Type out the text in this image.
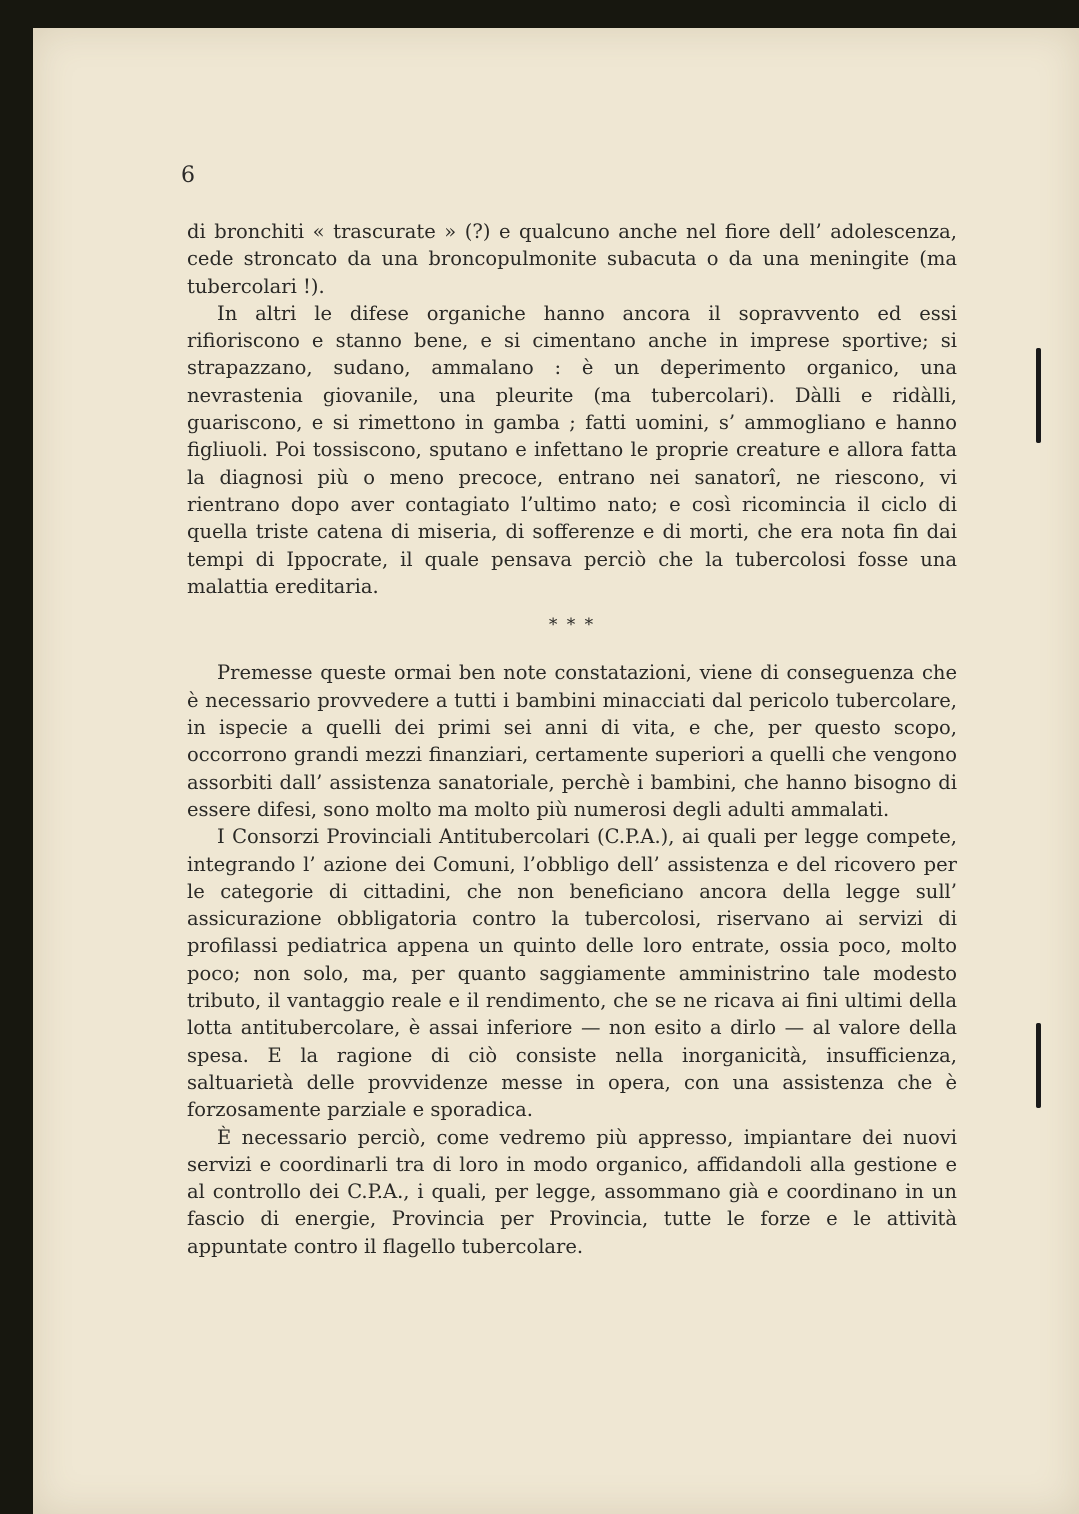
6

di bronchiti « trascurate » (?) e qualcuno anche nel fiore dell’ adolescenza, cede stroncato da una broncopulmonite subacuta o da una meningite (ma tubercolari !).

In altri le difese organiche hanno ancora il sopravvento ed essi rifioriscono e stanno bene, e si cimentano anche in imprese sportive; si strapazzano, sudano, ammalano : è un deperimento organico, una nevrastenia giovanile, una pleurite (ma tubercolari). Dàlli e ridàlli, guariscono, e si rimettono in gamba ; fatti uomini, s’ ammogliano e hanno figliuoli. Poi tossiscono, sputano e infettano le proprie creature e allora fatta la diagnosi più o meno precoce, entrano nei sanatorî, ne riescono, vi rientrano dopo aver contagiato l’ultimo nato; e così ricomincia il ciclo di quella triste catena di miseria, di sofferenze e di morti, che era nota fin dai tempi di Ippocrate, il quale pensava perciò che la tubercolosi fosse una malattia ereditaria.

* * *

Premesse queste ormai ben note constatazioni, viene di conseguenza che è necessario provvedere a tutti i bambini minacciati dal pericolo tubercolare, in ispecie a quelli dei primi sei anni di vita, e che, per questo scopo, occorrono grandi mezzi finanziari, certamente superiori a quelli che vengono assorbiti dall’ assistenza sanatoriale, perchè i bambini, che hanno bisogno di essere difesi, sono molto ma molto più numerosi degli adulti ammalati.

I Consorzi Provinciali Antitubercolari (C.P.A.), ai quali per legge compete, integrando l’ azione dei Comuni, l’obbligo dell’ assistenza e del ricovero per le categorie di cittadini, che non beneficiano ancora della legge sull’ assicurazione obbligatoria contro la tubercolosi, riservano ai servizi di profilassi pediatrica appena un quinto delle loro entrate, ossia poco, molto poco; non solo, ma, per quanto saggiamente amministrino tale modesto tributo, il vantaggio reale e il rendimento, che se ne ricava ai fini ultimi della lotta antitubercolare, è assai inferiore — non esito a dirlo — al valore della spesa. E la ragione di ciò consiste nella inorganicità, insufficienza, saltuarietà delle provvidenze messe in opera, con una assistenza che è forzosamente parziale e sporadica.

È necessario perciò, come vedremo più appresso, impiantare dei nuovi servizi e coordinarli tra di loro in modo organico, affidandoli alla gestione e al controllo dei C.P.A., i quali, per legge, assommano già e coordinano in un fascio di energie, Provincia per Provincia, tutte le forze e le attività appuntate contro il flagello tubercolare.
